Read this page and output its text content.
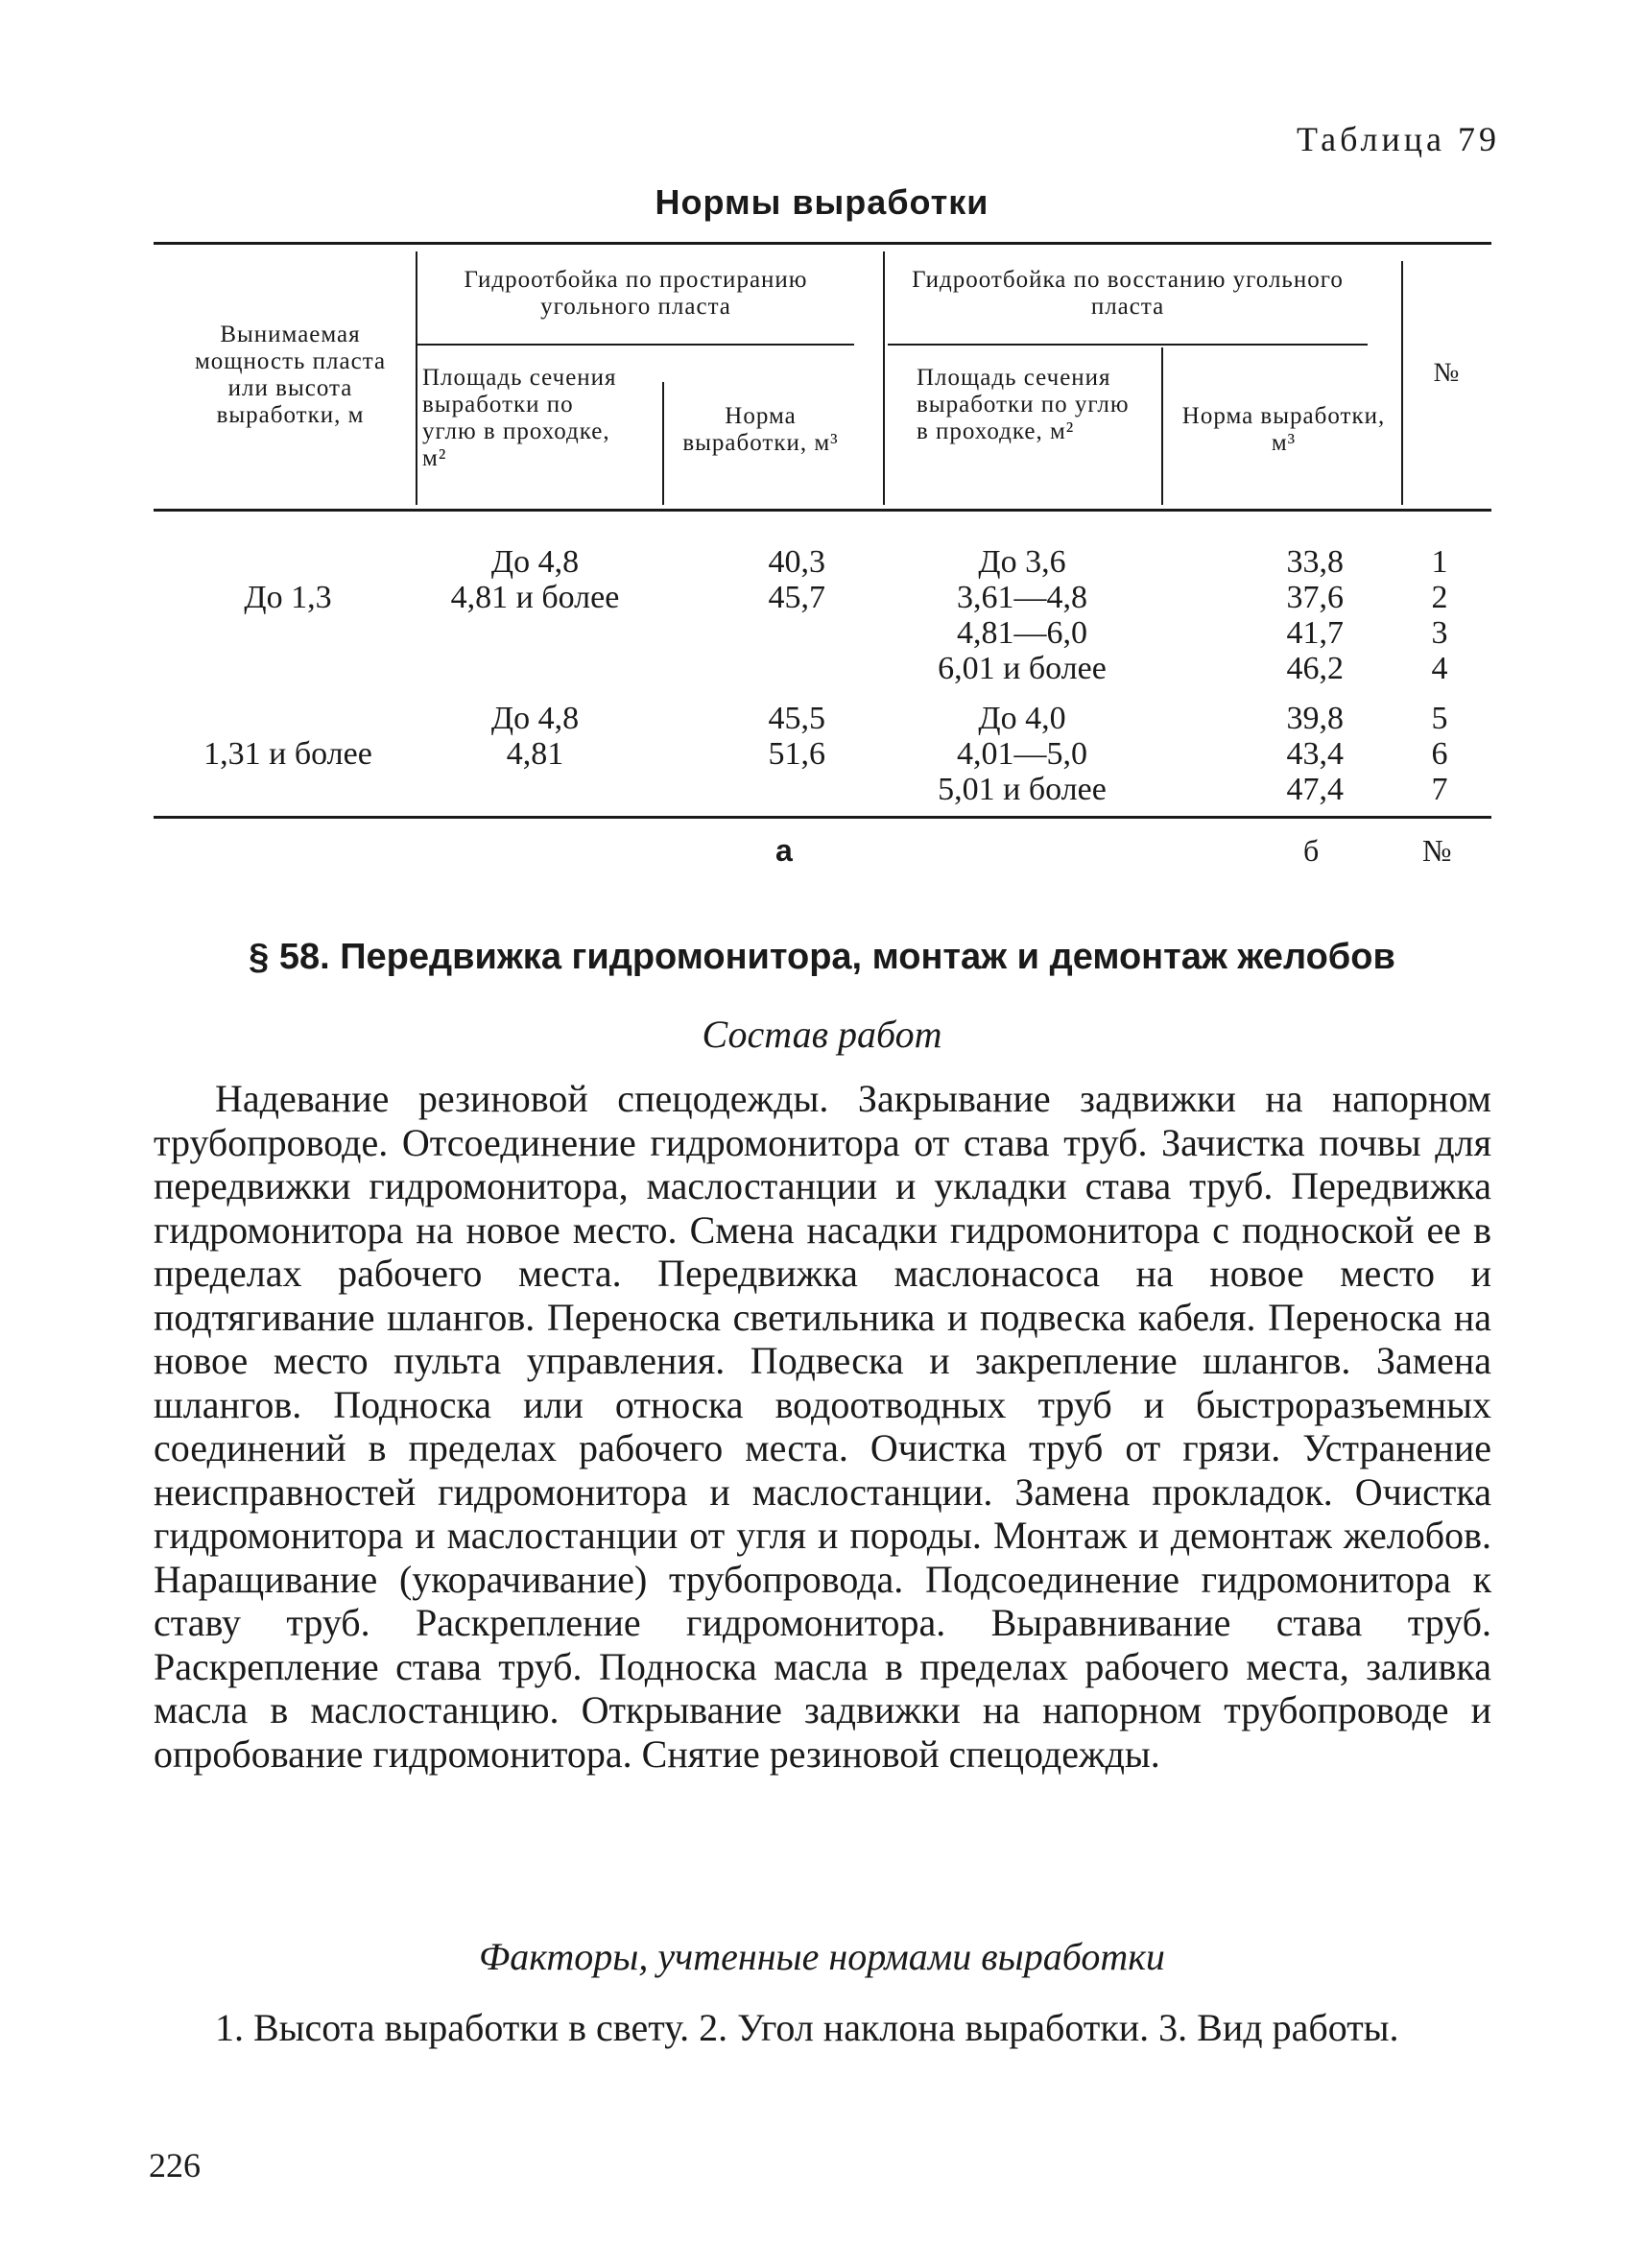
Таблица 79
Нормы выработки
Вынимаемая мощность пласта или высота выработки, м
Гидроотбойка по простиранию угольного пласта
Гидроотбойка по восстанию угольного пласта
Площадь сечения выработки по углю в проходке, м²
Норма выработки, м³
Площадь сечения выработки по углю в проходке, м²
Норма выработки, м³
№
До 1,3
До 4,8
4,81 и более
40,3
45,7
До 3,6
3,61—4,8
4,81—6,0
6,01 и более
33,8
37,6
41,7
46,2
1
2
3
4
1,31 и более
До 4,8
4,81
45,5
51,6
До 4,0
4,01—5,0
5,01 и более
39,8
43,4
47,4
5
6
7
а	б	№
§ 58. Передвижка гидромонитора, монтаж и демонтаж желобов
Состав работ
Надевание резиновой спецодежды. Закрывание задвижки на напорном трубопроводе. Отсоединение гидромонитора от става труб. Зачистка почвы для передвижки гидромонитора, маслостанции и укладки става труб. Передвижка гидромонитора на новое место. Смена насадки гидромонитора с подноской ее в пределах рабочего места. Передвижка маслонасоса на новое место и подтягивание шлангов. Переноска светильника и подвеска кабеля. Переноска на новое место пульта управления. Подвеска и закрепление шлангов. Замена шлангов. Подноска или относка водоотводных труб и быстроразъемных соединений в пределах рабочего места. Очистка труб от грязи. Устранение неисправностей гидромонитора и маслостанции. Замена прокладок. Очистка гидромонитора и маслостанции от угля и породы. Монтаж и демонтаж желобов. Наращивание (укорачивание) трубопровода. Подсоединение гидромонитора к ставу труб. Раскрепление гидромонитора. Выравнивание става труб. Раскрепление става труб. Подноска масла в пределах рабочего места, заливка масла в маслостанцию. Открывание задвижки на напорном трубопроводе и опробование гидромонитора. Снятие резиновой спецодежды.
Факторы, учтенные нормами выработки
1. Высота выработки в свету. 2. Угол наклона выработки. 3. Вид работы.
226
